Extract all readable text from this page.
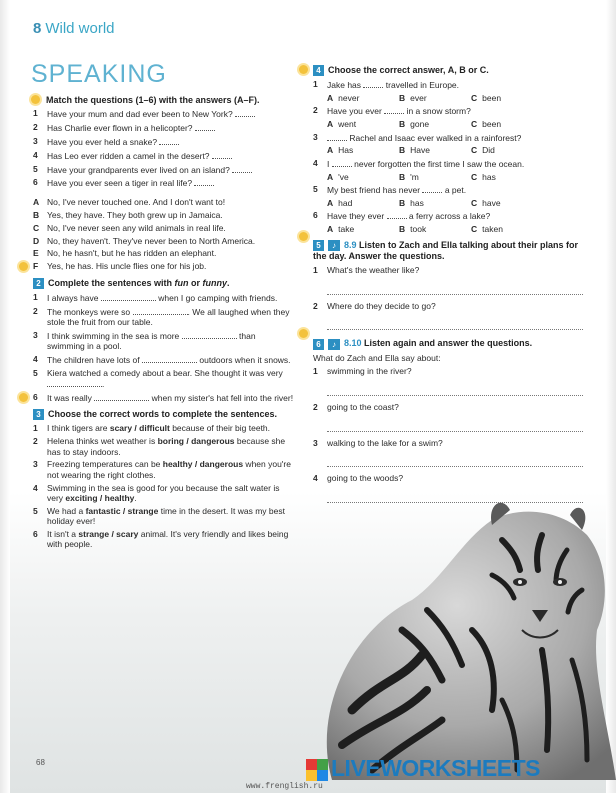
8 Wild world
SPEAKING
Match the questions (1–6) with the answers (A–F).
1	Have your mum and dad ever been to New York?
2	Has Charlie ever flown in a helicopter?
3	Have you ever held a snake?
4	Has Leo ever ridden a camel in the desert?
5	Have your grandparents ever lived on an island?
6	Have you ever seen a tiger in real life?
A No, I've never touched one. And I don't want to!
B Yes, they have. They both grew up in Jamaica.
C No, I've never seen any wild animals in real life.
D No, they haven't. They've never been to North America.
E No, he hasn't, but he has ridden an elephant.
F	Yes, he has. His uncle flies one for his job.
2 Complete the sentences with fun or funny.
1	I always have	when I go camping with friends.
2	The monkeys were so	. We all laughed when they stole the fruit from our table.
3	I think swimming in the sea is more	than swimming in a pool.
4	The children have lots of	outdoors when it snows.
5	Kiera watched a comedy about a bear. She thought it was very .
6	It was really	when my sister's hat fell into the river!
3 Choose the correct words to complete the sentences.
1	I think tigers are scary / difficult because of their big teeth.
2	Helena thinks wet weather is boring / dangerous because she has to stay indoors.
3	Freezing temperatures can be healthy / dangerous when you're not wearing the right clothes.
4	Swimming in the sea is good for you because the salt water is very exciting / healthy.
5	We had a fantastic / strange time in the desert. It was my best holiday ever!
6	It isn't a strange / scary animal. It's very friendly and likes being with people.
4 Choose the correct answer, A, B or C.
1	Jake has	travelled in Europe.
A never	B ever	C been
2	Have you ever	in a snow storm?
A went	B gone	C been
3	Rachel and Isaac ever walked in a rainforest?
A Has	B Have	C Did
4	I	never forgotten the first time I saw the ocean.
A 've	B 'm	C has
5	My best friend has never	a pet.
A had	B has	C have
6	Have they ever	a ferry across a lake?
A take	B took	C taken
5 ♪ 8.9 Listen to Zach and Ella talking about their plans for the day. Answer the questions.
1	What's the weather like?
2	Where do they decide to go?
6 ♪ 8.10 Listen again and answer the questions.
What do Zach and Ella say about:
1	swimming in the river?
2	going to the coast?
3	walking to the lake for a swim?
4	going to the woods?
68	LIVEWORKSHEETS
www.frenglish.ru
